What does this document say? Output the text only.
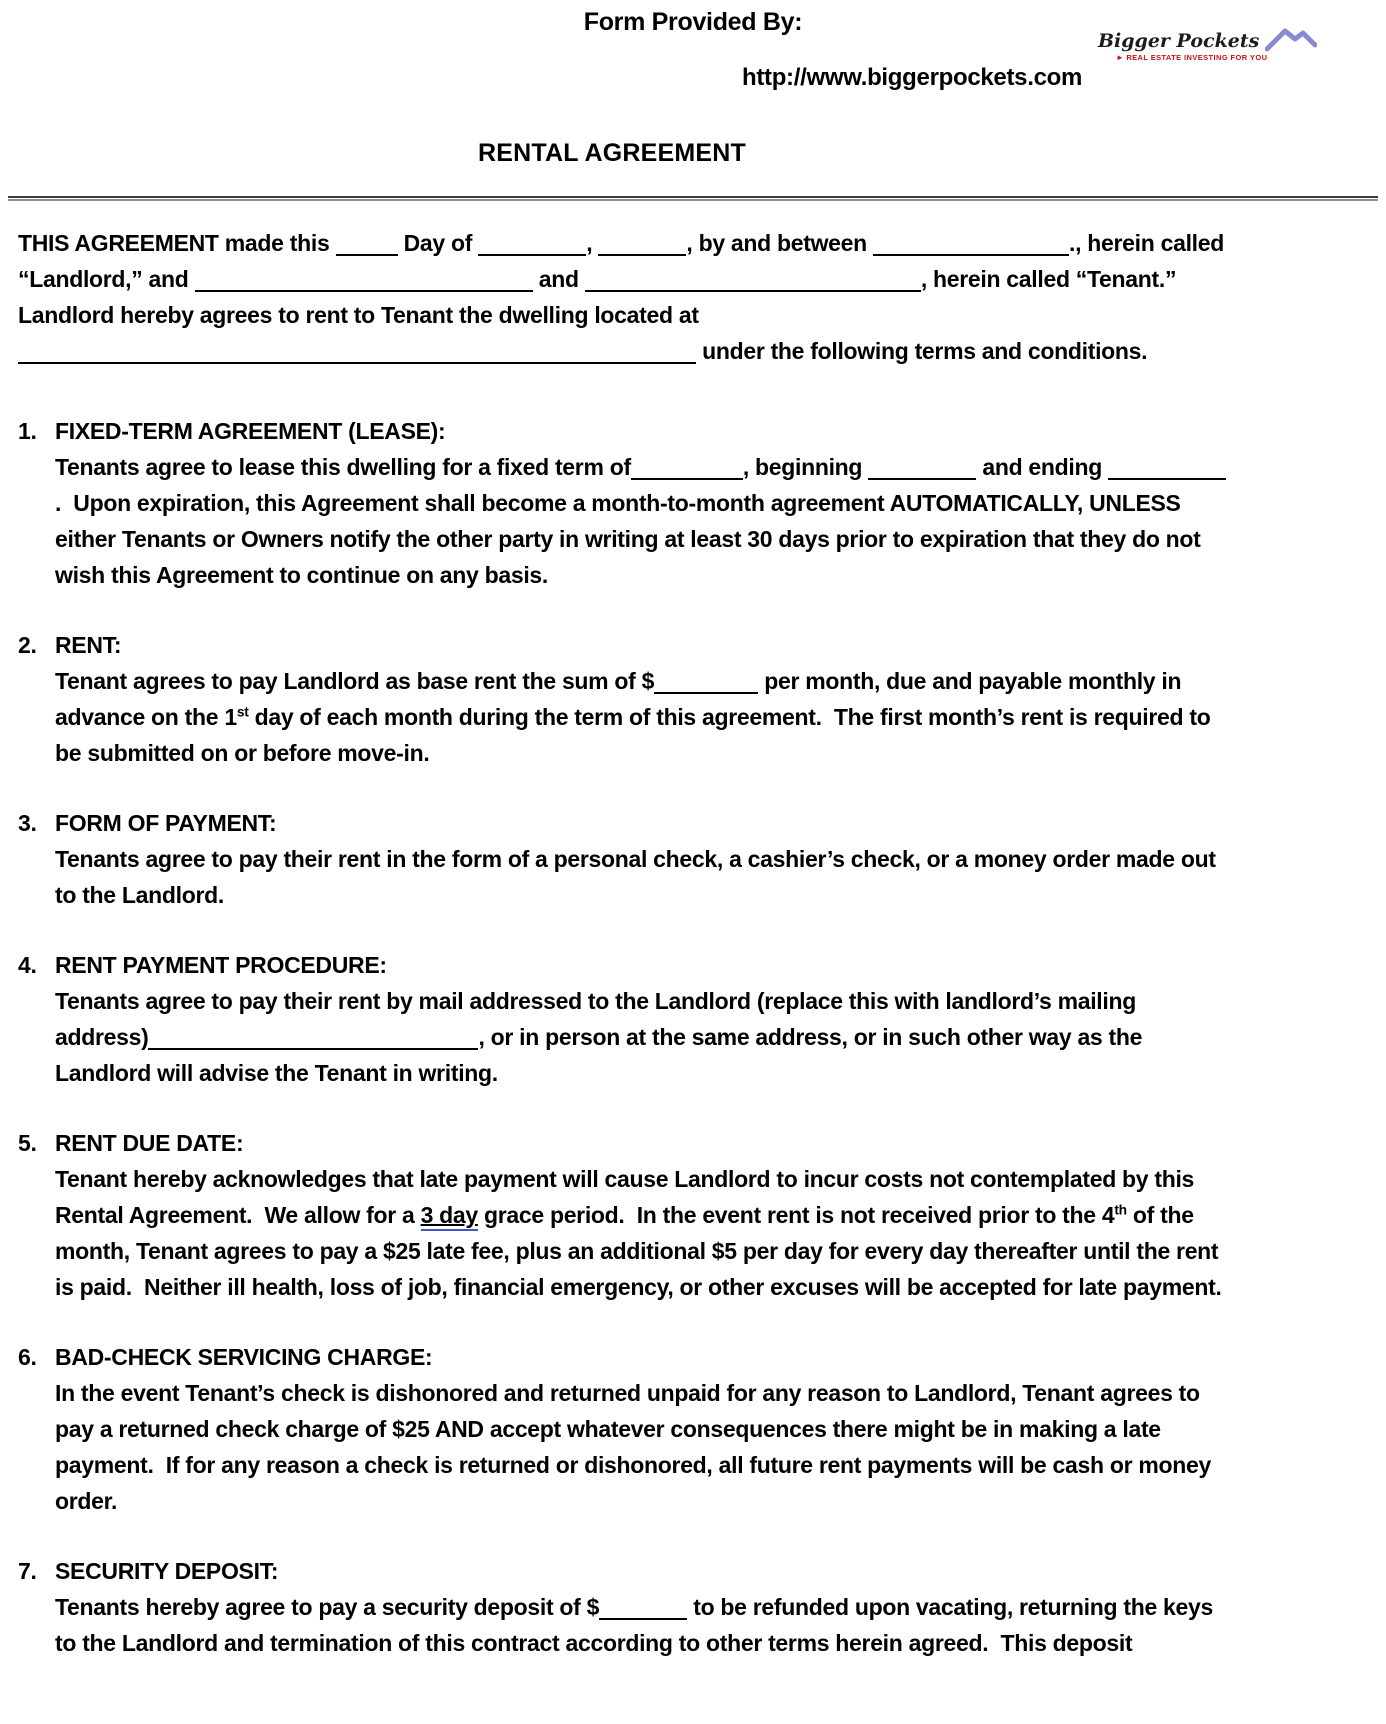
Form Provided By:
Bigger Pockets
► REAL ESTATE INVESTING FOR YOU
http://www.biggerpockets.com
RENTAL AGREEMENT

THIS AGREEMENT made this	Day of	,	, by and between	., herein called “Landlord,” and	and	, herein called “Tenant.”  Landlord hereby agrees to rent to Tenant the dwelling located at  under the following terms and conditions.

1. FIXED-TERM AGREEMENT (LEASE):

Tenants agree to lease this dwelling for a fixed term of	, beginning	and ending .  Upon expiration, this Agreement shall become a month-to-month agreement AUTOMATICALLY, UNLESS either Tenants or Owners notify the other party in writing at least 30 days prior to expiration that they do not wish this Agreement to continue on any basis.

2. RENT:

Tenant agrees to pay Landlord as base rent the sum of $	per month, due and payable monthly in advance on the 1st day of each month during the term of this agreement.  The first month’s rent is required to be submitted on or before move-in.

3. FORM OF PAYMENT:

Tenants agree to pay their rent in the form of a personal check, a cashier’s check, or a money order made out to the Landlord.

4. RENT PAYMENT PROCEDURE:

Tenants agree to pay their rent by mail addressed to the Landlord (replace this with landlord’s mailing address)	, or in person at the same address, or in such other way as the Landlord will advise the Tenant in writing.

5. RENT DUE DATE:

Tenant hereby acknowledges that late payment will cause Landlord to incur costs not contemplated by this Rental Agreement.  We allow for a 3 day grace period.  In the event rent is not received prior to the 4th of the month, Tenant agrees to pay a $25 late fee, plus an additional $5 per day for every day thereafter until the rent is paid.  Neither ill health, loss of job, financial emergency, or other excuses will be accepted for late payment.

6. BAD-CHECK SERVICING CHARGE:

In the event Tenant’s check is dishonored and returned unpaid for any reason to Landlord, Tenant agrees to pay a returned check charge of $25 AND accept whatever consequences there might be in making a late payment.  If for any reason a check is returned or dishonored, all future rent payments will be cash or money order.

7. SECURITY DEPOSIT:

Tenants hereby agree to pay a security deposit of $	to be refunded upon vacating, returning the keys to the Landlord and termination of this contract according to other terms herein agreed.  This deposit
